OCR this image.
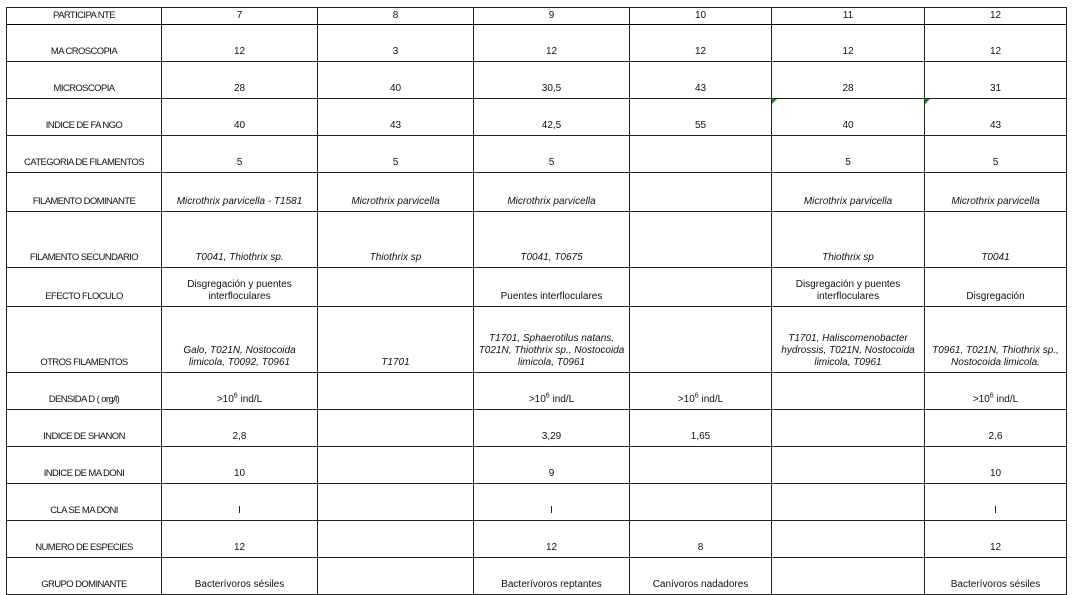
PARTICIPA NTE	7	8	9	10	11	12
MA CROSCOPIA	12	3	12	12	12	12
MICROSCOPIA	28	40	30,5	43	28	31
INDICE DE FA NGO	40	43	42,5	55	40	43
CATEGORIA DE FILAMENTOS	5	5	5		5	5
FILAMENTO DOMINANTE	Microthrix parvicella - T1581	Microthrix parvicella	Microthrix parvicella		Microthrix parvicella	Microthrix parvicella
FILAMENTO SECUNDARIO	T0041, Thiothrix sp.	Thiothrix sp	T0041, T0675		Thiothrix sp	T0041
EFECTO FLOCULO	Disgregación y puentes interfloculares		Puentes interfloculares		Disgregación y puentes interfloculares	Disgregación
OTROS FILAMENTOS	Galo, T021N, Nostocoida limicola, T0092, T0961	T1701	T1701, Sphaerotilus natans, T021N, Thiothrix sp., Nostocoida limicola, T0961		T1701, Haliscomenobacter hydrossis, T021N, Nostocoida limicola, T0961	T0961, T021N, Thiothrix sp., Nostocoida limicola.
DENSIDA D ( org/l)	$>10^6$ ind/L		$>10^6$ ind/L	$>10^6$ ind/L		$>10^6$ ind/L
INDICE DE SHANON	2,8		3,29	1,65		2,6
INDICE DE MA DONI	10		9			10
CLA SE MA DONI	I		I			I
NUMERO DE ESPECIES	12		12	8		12
GRUPO DOMINANTE	Bacterívoros sésiles		Bacterívoros reptantes	Canívoros nadadores		Bacterívoros sésiles
